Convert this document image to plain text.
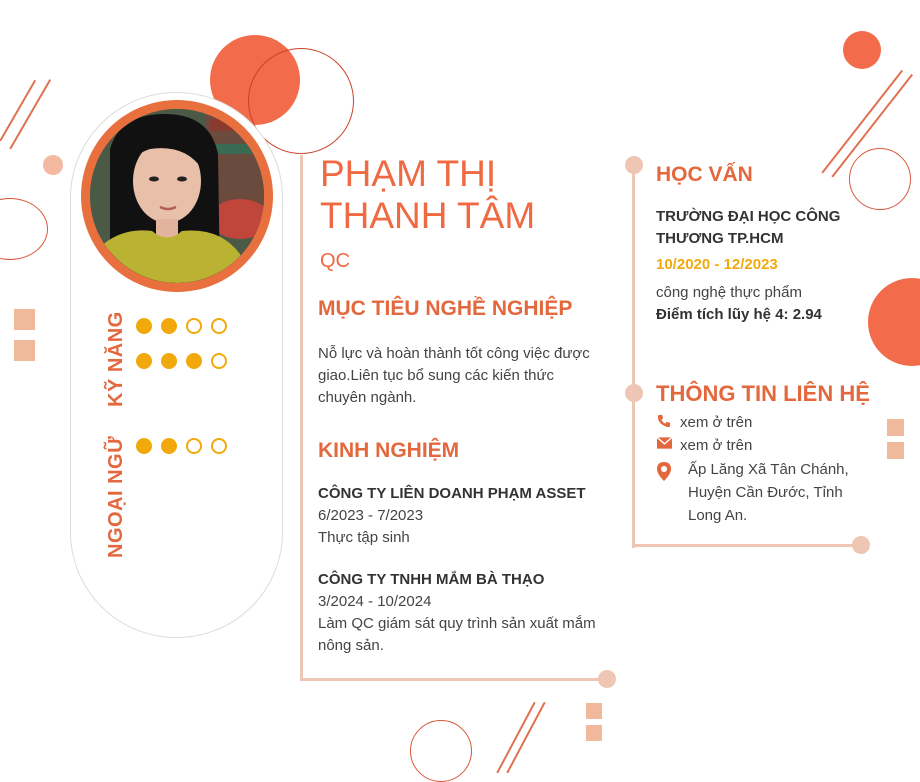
KỸ NĂNG
NGOẠI NGỮ
PHẠM THỊ
THANH TÂM
QC
MỤC TIÊU NGHỀ NGHIỆP
Nỗ lực và hoàn thành tốt công việc được
giao.Liên tục bổ sung các kiến thức
chuyên ngành.
KINH NGHIỆM
CÔNG TY LIÊN DOANH PHẠM ASSET
6/2023 - 7/2023
Thực tập sinh
CÔNG TY TNHH MẮM BÀ THẠO
3/2024 - 10/2024
Làm QC giám sát quy trình sản xuất mắm
nông sản.
HỌC VẤN
TRƯỜNG ĐẠI HỌC CÔNG
THƯƠNG TP.HCM
10/2020 - 12/2023
công nghệ thực phẩm
Điểm tích lũy hệ 4: 2.94
THÔNG TIN LIÊN HỆ
xem ở trên
xem ở trên
Ấp Lăng Xã Tân Chánh,
Huyện Cần Đước, Tỉnh
Long An.
